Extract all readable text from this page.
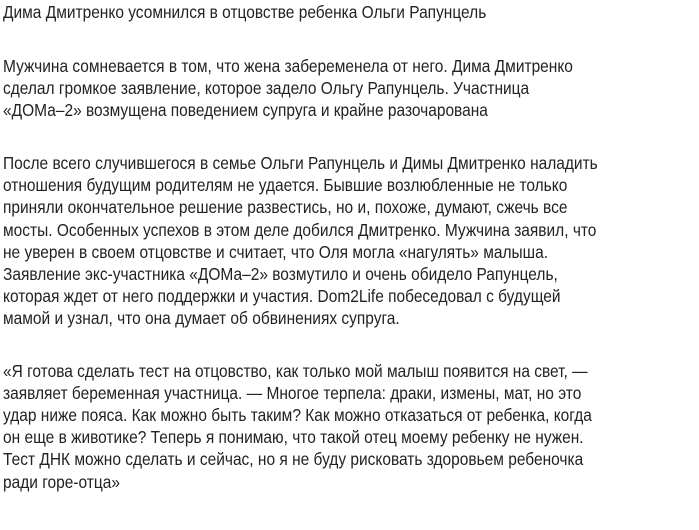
Дима Дмитренко усомнился в отцовстве ребенка Ольги Рапунцель

Мужчина сомневается в том, что жена забеременела от него. Дима Дмитренко
сделал громкое заявление, которое задело Ольгу Рапунцель. Участница
«ДОМа–2» возмущена поведением супруга и крайне разочарована

После всего случившегося в семье Ольги Рапунцель и Димы Дмитренко наладить
отношения будущим родителям не удается. Бывшие возлюбленные не только
приняли окончательное решение развестись, но и, похоже, думают, сжечь все
мосты. Особенных успехов в этом деле добился Дмитренко. Мужчина заявил, что
не уверен в своем отцовстве и считает, что Оля могла «нагулять» малыша.
Заявление экс-участника «ДОМа–2» возмутило и очень обидело Рапунцель,
которая ждет от него поддержки и участия. Dom2Life побеседовал с будущей
мамой и узнал, что она думает об обвинениях супруга.

«Я готова сделать тест на отцовство, как только мой малыш появится на свет, —
заявляет беременная участница. — Многое терпела: драки, измены, мат, но это
удар ниже пояса. Как можно быть таким? Как можно отказаться от ребенка, когда
он еще в животике? Теперь я понимаю, что такой отец моему ребенку не нужен.
Тест ДНК можно сделать и сейчас, но я не буду рисковать здоровьем ребеночка
ради горе-отца»
